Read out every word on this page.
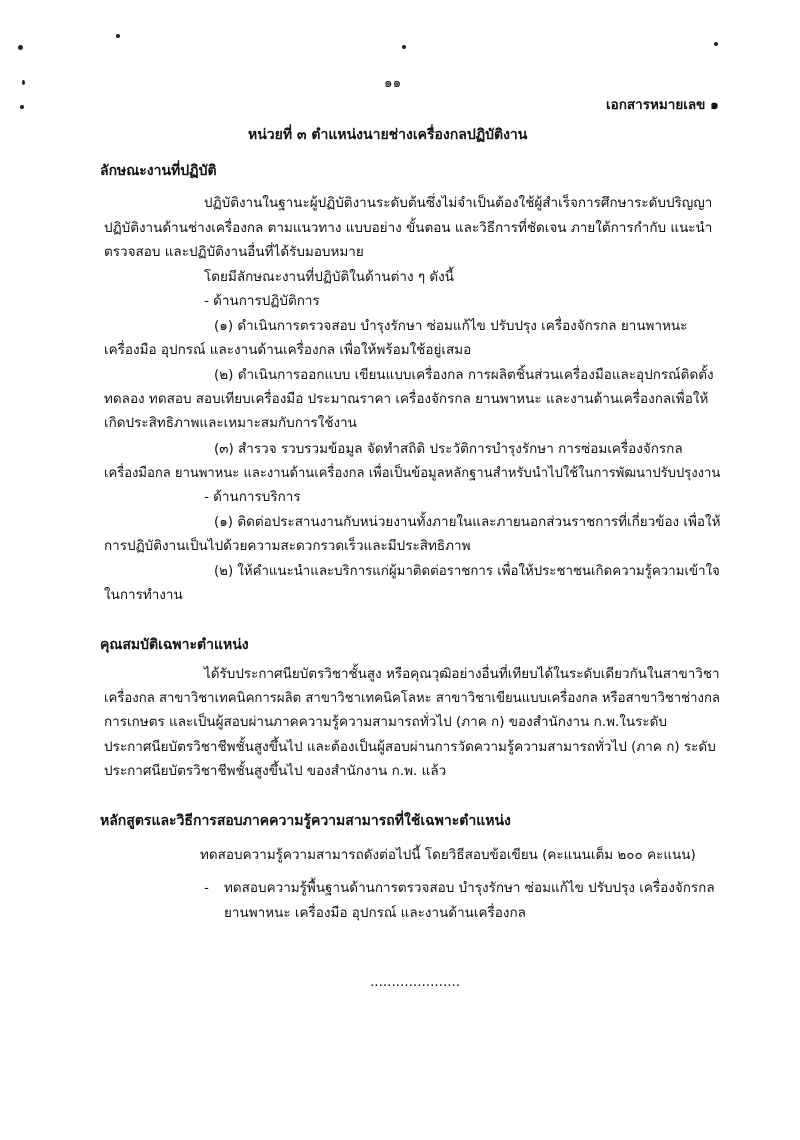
๑๑
เอกสารหมายเลข ๑
หน่วยที่ ๓ ตำแหน่งนายช่างเครื่องกลปฏิบัติงาน
ลักษณะงานที่ปฏิบัติ
ปฏิบัติงานในฐานะผู้ปฏิบัติงานระดับต้นซึ่งไม่จำเป็นต้องใช้ผู้สำเร็จการศึกษาระดับปริญญา
ปฏิบัติงานด้านช่างเครื่องกล ตามแนวทาง แบบอย่าง ขั้นตอน และวิธีการที่ชัดเจน ภายใต้การกำกับ แนะนำ
ตรวจสอบ และปฏิบัติงานอื่นที่ได้รับมอบหมาย
โดยมีลักษณะงานที่ปฏิบัติในด้านต่าง ๆ ดังนี้
- ด้านการปฏิบัติการ
(๑) ดำเนินการตรวจสอบ บำรุงรักษา ซ่อมแก้ไข ปรับปรุง เครื่องจักรกล ยานพาหนะ
เครื่องมือ อุปกรณ์ และงานด้านเครื่องกล เพื่อให้พร้อมใช้อยู่เสมอ
(๒) ดำเนินการออกแบบ เขียนแบบเครื่องกล การผลิตชิ้นส่วนเครื่องมือและอุปกรณ์ติดตั้ง
ทดลอง ทดสอบ สอบเทียบเครื่องมือ ประมาณราคา เครื่องจักรกล ยานพาหนะ และงานด้านเครื่องกลเพื่อให้
เกิดประสิทธิภาพและเหมาะสมกับการใช้งาน
(๓) สำรวจ รวบรวมข้อมูล จัดทำสถิติ ประวัติการบำรุงรักษา การซ่อมเครื่องจักรกล
เครื่องมือกล ยานพาหนะ และงานด้านเครื่องกล เพื่อเป็นข้อมูลหลักฐานสำหรับนำไปใช้ในการพัฒนาปรับปรุงงาน
- ด้านการบริการ
(๑) ติดต่อประสานงานกับหน่วยงานทั้งภายในและภายนอกส่วนราชการที่เกี่ยวข้อง เพื่อให้
การปฏิบัติงานเป็นไปด้วยความสะดวกรวดเร็วและมีประสิทธิภาพ
(๒) ให้คำแนะนำและบริการแก่ผู้มาติดต่อราชการ เพื่อให้ประชาชนเกิดความรู้ความเข้าใจ
ในการทำงาน
คุณสมบัติเฉพาะตำแหน่ง
ได้รับประกาศนียบัตรวิชาชั้นสูง หรือคุณวุฒิอย่างอื่นที่เทียบได้ในระดับเดียวกันในสาขาวิชา
เครื่องกล สาขาวิชาเทคนิคการผลิต สาขาวิชาเทคนิคโลหะ สาขาวิชาเขียนแบบเครื่องกล หรือสาขาวิชาช่างกล
การเกษตร และเป็นผู้สอบผ่านภาคความรู้ความสามารถทั่วไป (ภาค ก) ของสำนักงาน ก.พ.ในระดับ
ประกาศนียบัตรวิชาชีพชั้นสูงขึ้นไป และต้องเป็นผู้สอบผ่านการวัดความรู้ความสามารถทั่วไป (ภาค ก) ระดับ
ประกาศนียบัตรวิชาชีพชั้นสูงขึ้นไป ของสำนักงาน ก.พ. แล้ว
หลักสูตรและวิธีการสอบภาคความรู้ความสามารถที่ใช้เฉพาะตำแหน่ง
ทดสอบความรู้ความสามารถดังต่อไปนี้ โดยวิธีสอบข้อเขียน (คะแนนเต็ม ๒๐๐ คะแนน)
- ทดสอบความรู้พื้นฐานด้านการตรวจสอบ บำรุงรักษา ซ่อมแก้ไข ปรับปรุง เครื่องจักรกล
ยานพาหนะ เครื่องมือ อุปกรณ์ และงานด้านเครื่องกล
.....................
